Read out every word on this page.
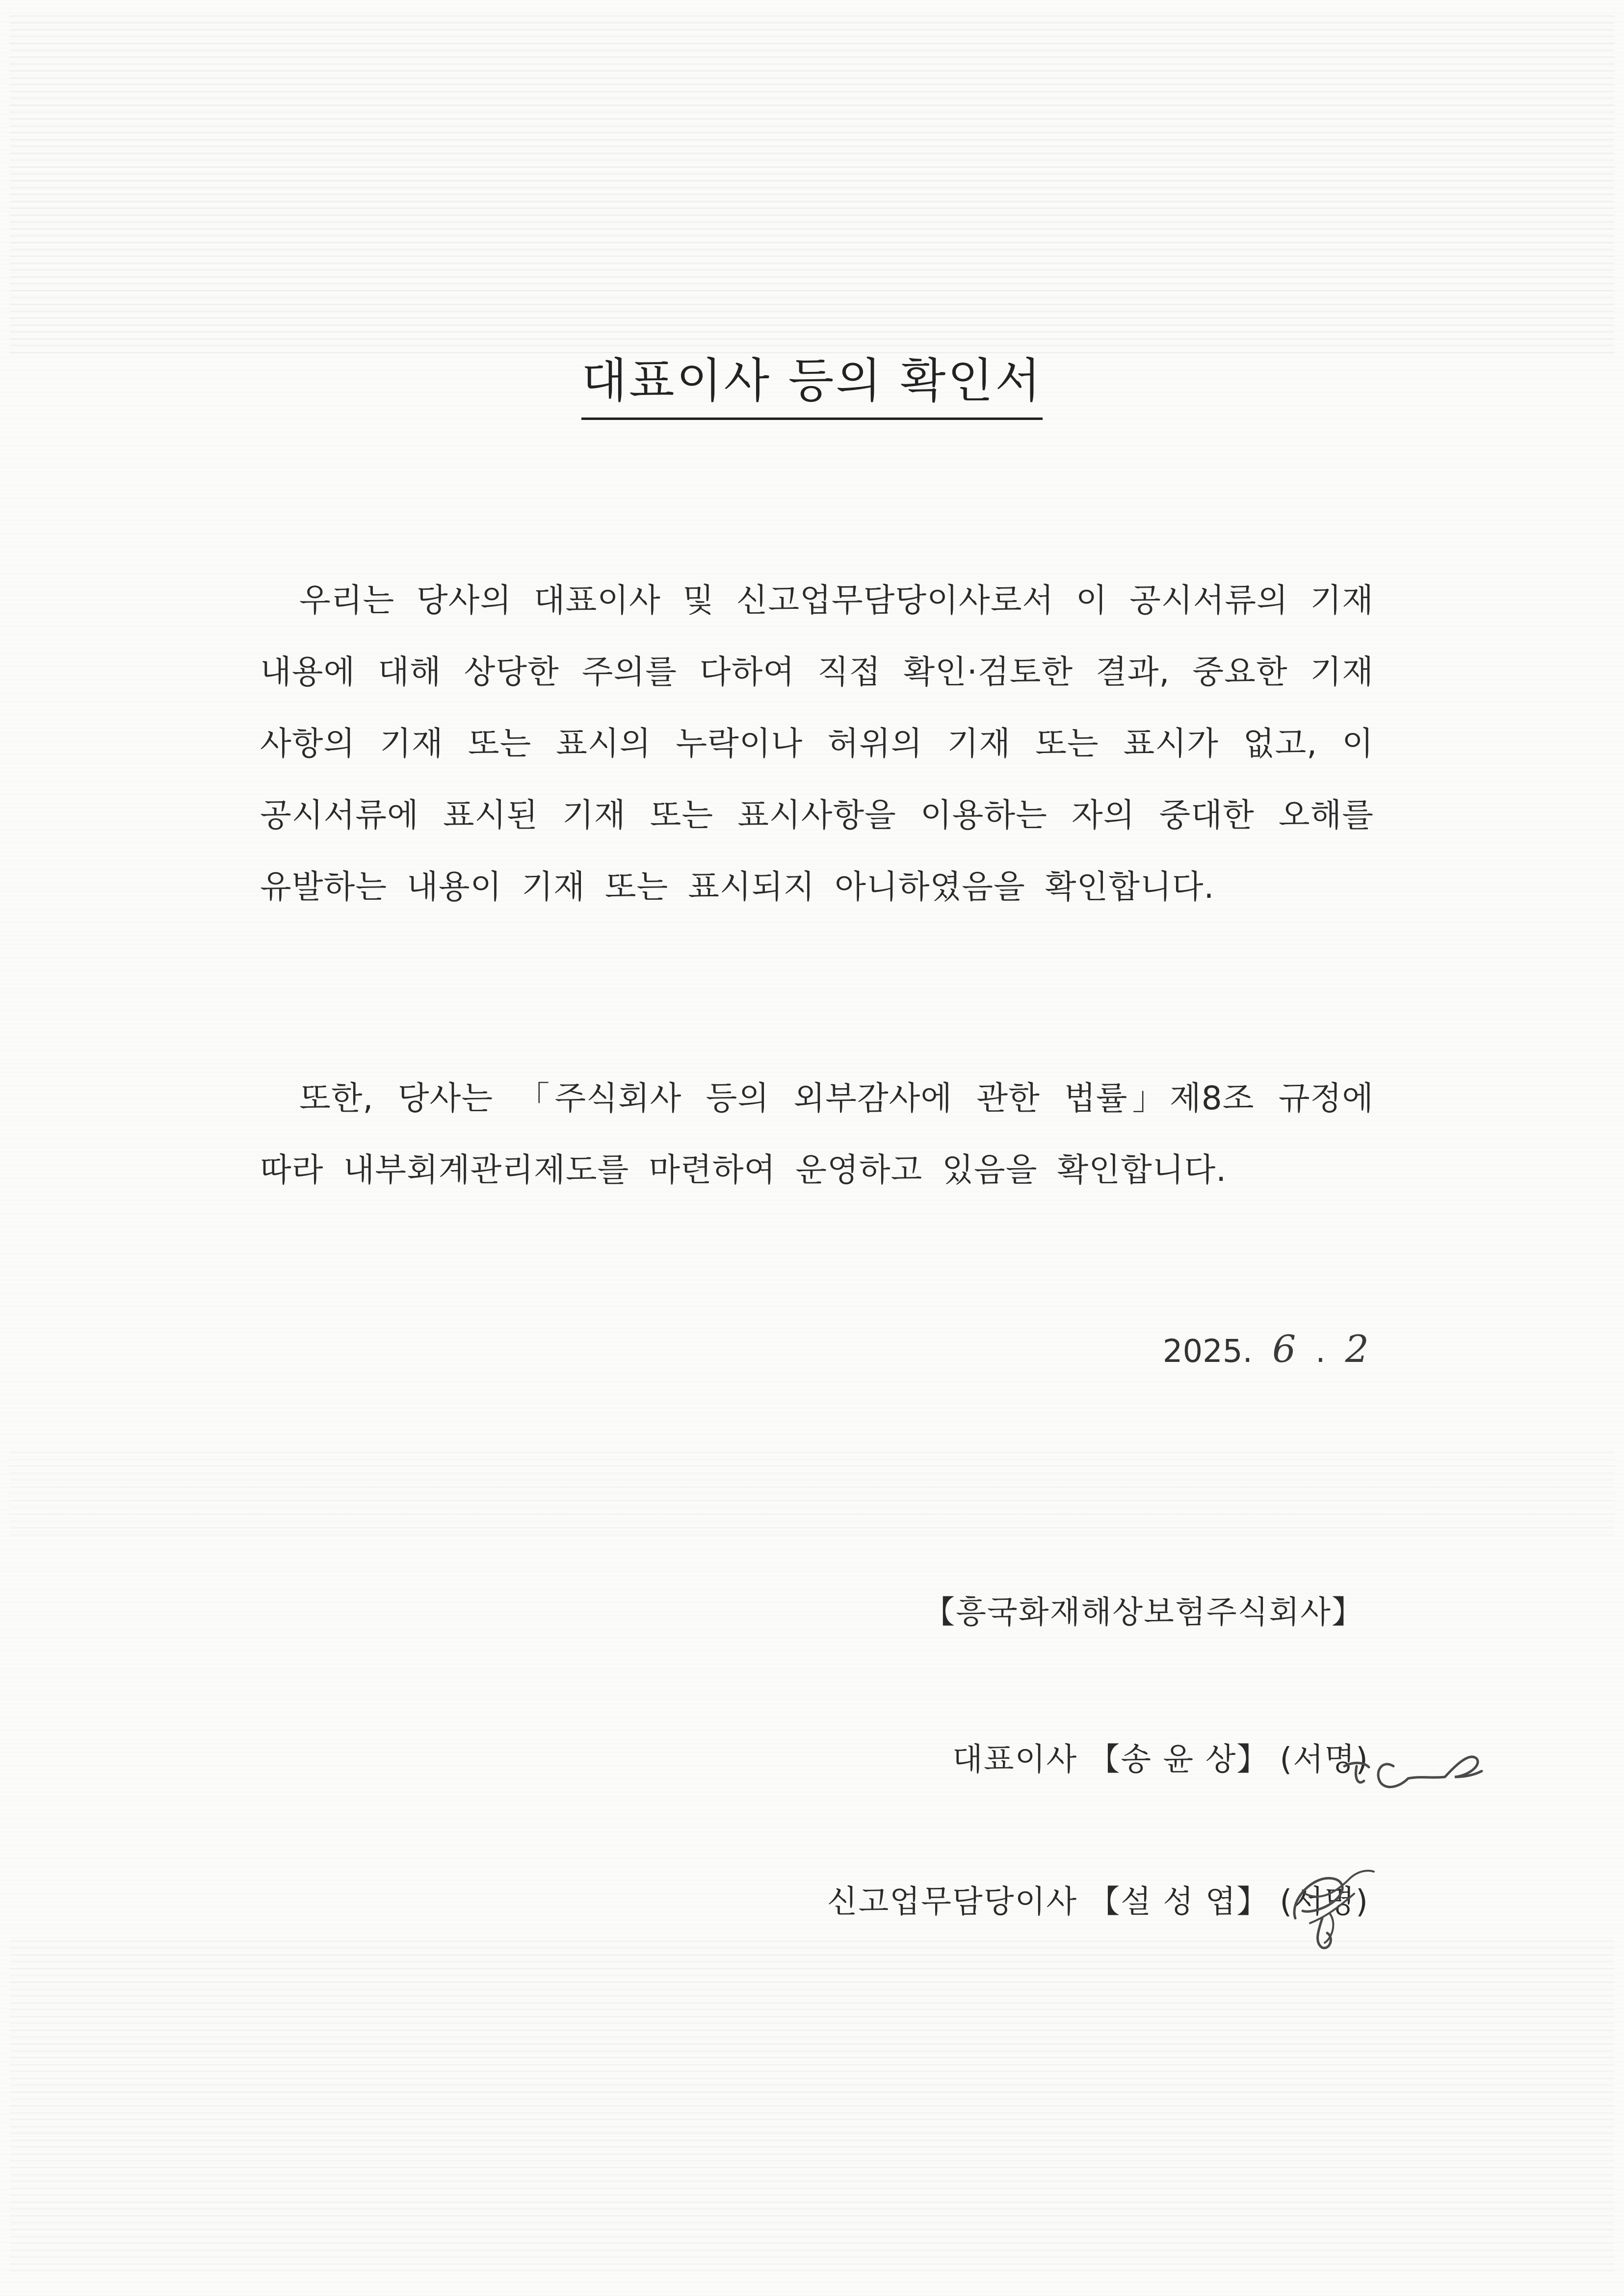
대표이사 등의 확인서

우리는 당사의 대표이사 및 신고업무담당이사로서 이 공시서류의 기재내용에 대해 상당한 주의를 다하여 직접 확인·검토한 결과, 중요한 기재사항의 기재 또는 표시의 누락이나 허위의 기재 또는 표시가 없고, 이 공시서류에 표시된 기재 또는 표시사항을 이용하는 자의 중대한 오해를 유발하는 내용이 기재 또는 표시되지 아니하였음을 확인합니다.

또한, 당사는 「주식회사 등의 외부감사에 관한 법률」제8조 규정에 따라 내부회계관리제도를 마련하여 운영하고 있음을 확인합니다.

2025. 6 . 2
【흥국화재해상보험주식회사】
대표이사 【송 윤 상】 (서명)
신고업무담당이사 【설 성 엽】 (서명)
